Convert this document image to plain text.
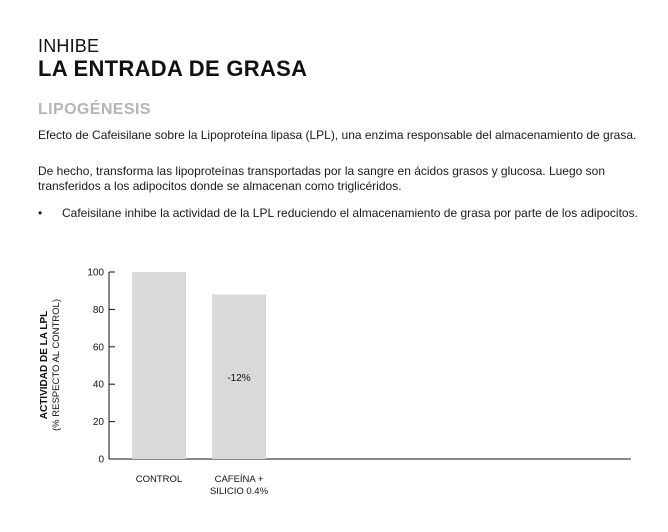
INHIBE
LA ENTRADA DE GRASA
LIPOGÉNESIS
Efecto de Cafeisilane sobre la Lipoproteína lipasa (LPL), una enzima responsable del almacenamiento de grasa.
De hecho, transforma las lipoproteínas transportadas por la sangre en ácidos grasos y glucosa. Luego son transferidos a los adipocitos donde se almacenan como triglicéridos.
•	Cafeisilane inhibe la actividad de la LPL reduciendo el almacenamiento de grasa por parte de los adipocitos.
0
20
40
60
80
100
CONTROL	CAFEÍNA +
SILICIO 0.4%
-12%
ACTIVIDAD DE LA LPL (% RESPECTO AL CONTROL)
